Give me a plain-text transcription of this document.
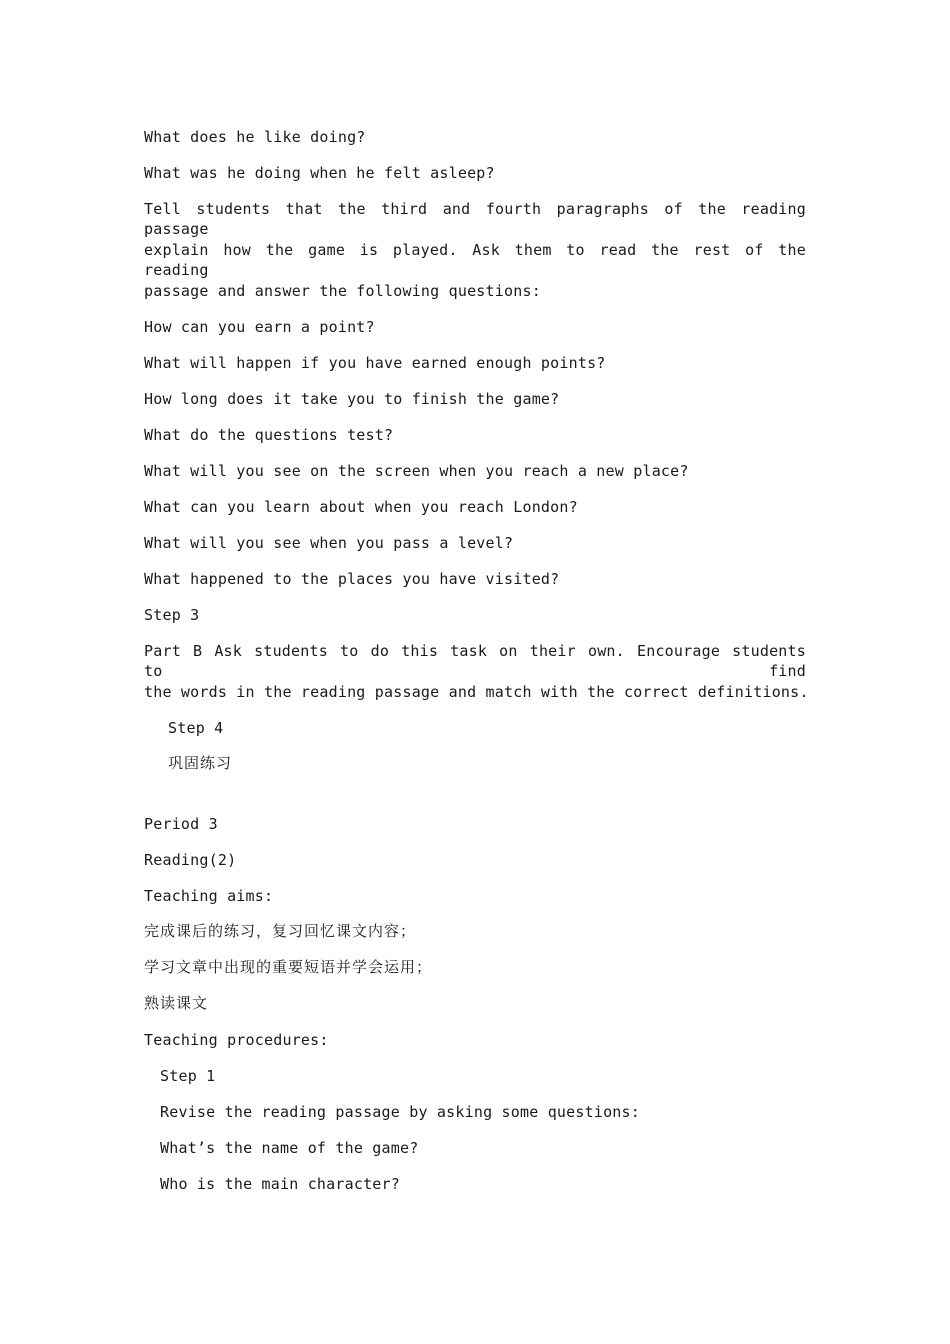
What does he like doing?
What was he doing when he felt asleep?
Tell students that the third and fourth paragraphs of the reading passage
explain how the game is played. Ask them to read the rest of the reading
passage and answer the following questions:
How can you earn a point?
What will happen if you have earned enough points?
How long does it take you to finish the game?
What do the questions test?
What will you see on the screen when you reach a new place?
What can you learn about when you reach London?
What will you see when you pass a level?
What happened to the places you have visited?
Step 3
Part B Ask students to do this task on their own. Encourage students to find
the words in the reading passage and match with the correct definitions.
Step 4
巩固练习
Period 3
Reading(2)
Teaching aims:
完成课后的练习，复习回忆课文内容；
学习文章中出现的重要短语并学会运用；
熟读课文
Teaching procedures:
Step 1
Revise the reading passage by asking some questions:
What’s the name of the game?
Who is the main character?
